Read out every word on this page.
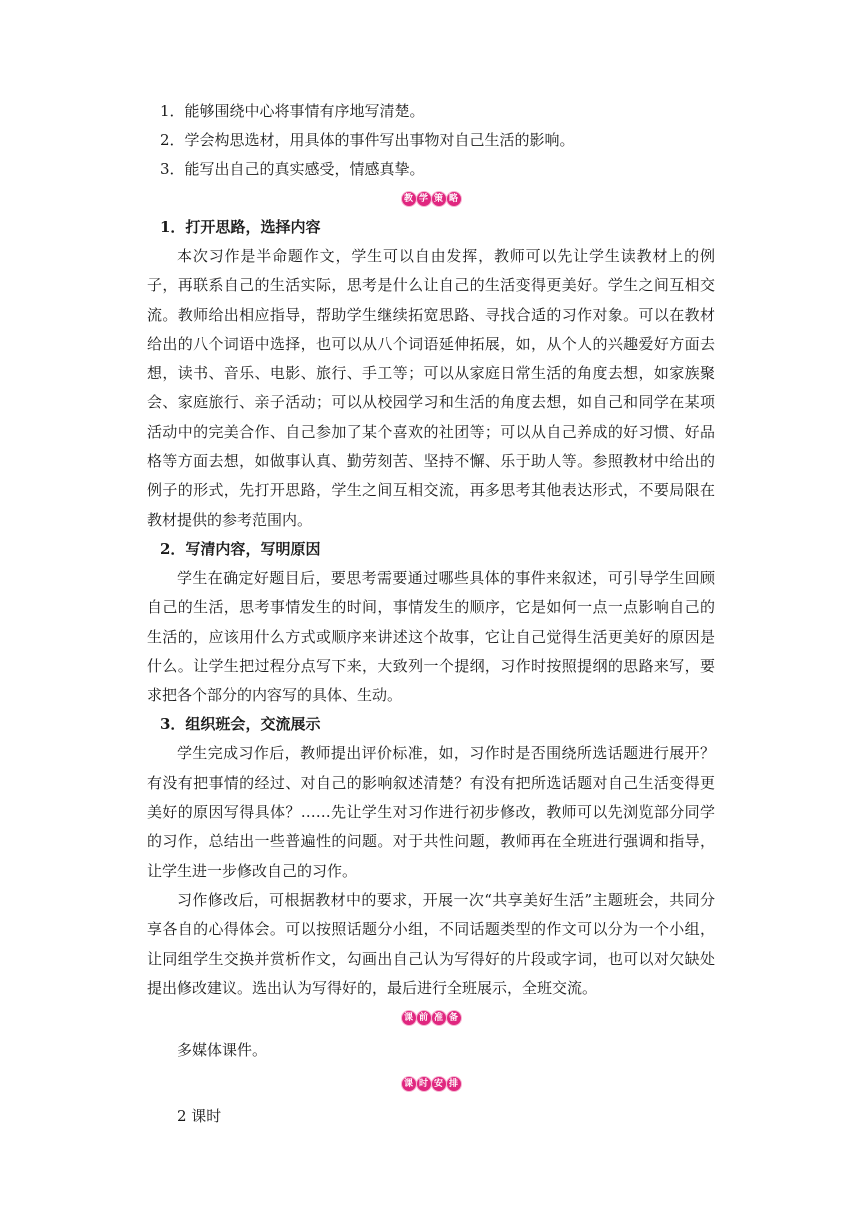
1．能够围绕中心将事情有序地写清楚。
2．学会构思选材，用具体的事件写出事物对自己生活的影响。
3．能写出自己的真实感受，情感真挚。
教 学 策 略
1．打开思路，选择内容

本次习作是半命题作文，学生可以自由发挥，教师可以先让学生读教材上的例子，再联系自己的生活实际，思考是什么让自己的生活变得更美好。学生之间互相交流。教师给出相应指导，帮助学生继续拓宽思路、寻找合适的习作对象。可以在教材给出的八个词语中选择，也可以从八个词语延伸拓展，如，从个人的兴趣爱好方面去想，读书、音乐、电影、旅行、手工等；可以从家庭日常生活的角度去想，如家族聚会、家庭旅行、亲子活动；可以从校园学习和生活的角度去想，如自己和同学在某项活动中的完美合作、自己参加了某个喜欢的社团等；可以从自己养成的好习惯、好品格等方面去想，如做事认真、勤劳刻苦、坚持不懈、乐于助人等。参照教材中给出的例子的形式，先打开思路，学生之间互相交流，再多思考其他表达形式，不要局限在教材提供的参考范围内。

2．写清内容，写明原因

学生在确定好题目后，要思考需要通过哪些具体的事件来叙述，可引导学生回顾自己的生活，思考事情发生的时间，事情发生的顺序，它是如何一点一点影响自己的生活的，应该用什么方式或顺序来讲述这个故事，它让自己觉得生活更美好的原因是什么。让学生把过程分点写下来，大致列一个提纲，习作时按照提纲的思路来写，要求把各个部分的内容写的具体、生动。

3．组织班会，交流展示

学生完成习作后，教师提出评价标准，如，习作时是否围绕所选话题进行展开？有没有把事情的经过、对自己的影响叙述清楚？有没有把所选话题对自己生活变得更美好的原因写得具体？……先让学生对习作进行初步修改，教师可以先浏览部分同学的习作，总结出一些普遍性的问题。对于共性问题，教师再在全班进行强调和指导，让学生进一步修改自己的习作。

习作修改后，可根据教材中的要求，开展一次“共享美好生活”主题班会，共同分享各自的心得体会。可以按照话题分小组，不同话题类型的作文可以分为一个小组，让同组学生交换并赏析作文，勾画出自己认为写得好的片段或字词，也可以对欠缺处提出修改建议。选出认为写得好的，最后进行全班展示，全班交流。

课 前 准 备
多媒体课件。
课 时 安 排
2 课时
